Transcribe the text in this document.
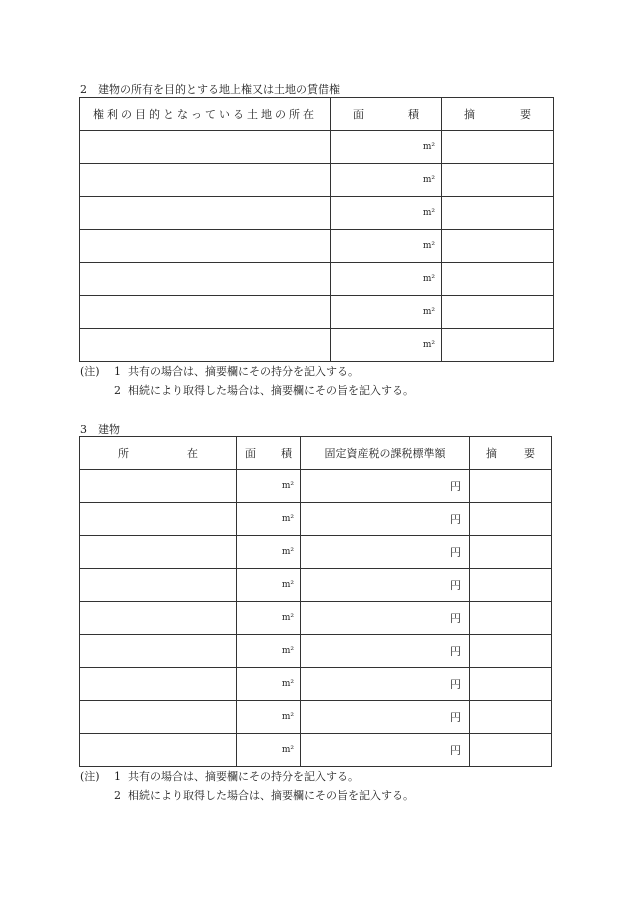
2　建物の所有を目的とする地上権又は土地の賃借権
権利の目的となっている土地の所在	面 積	摘 要

	m²	
	m²	
	m²	
	m²	
	m²	
	m²	
	m²	
(注)	1 共有の場合は、摘要欄にその持分を記入する。
2 相続により取得した場合は、摘要欄にその旨を記入する。
3　建物
所 在	面 積	固定資産税の課税標準額	摘 要

	m²	円	
	m²	円	
	m²	円	
	m²	円	
	m²	円	
	m²	円	
	m²	円	
	m²	円	
	m²	円	
(注)	1 共有の場合は、摘要欄にその持分を記入する。
2 相続により取得した場合は、摘要欄にその旨を記入する。
